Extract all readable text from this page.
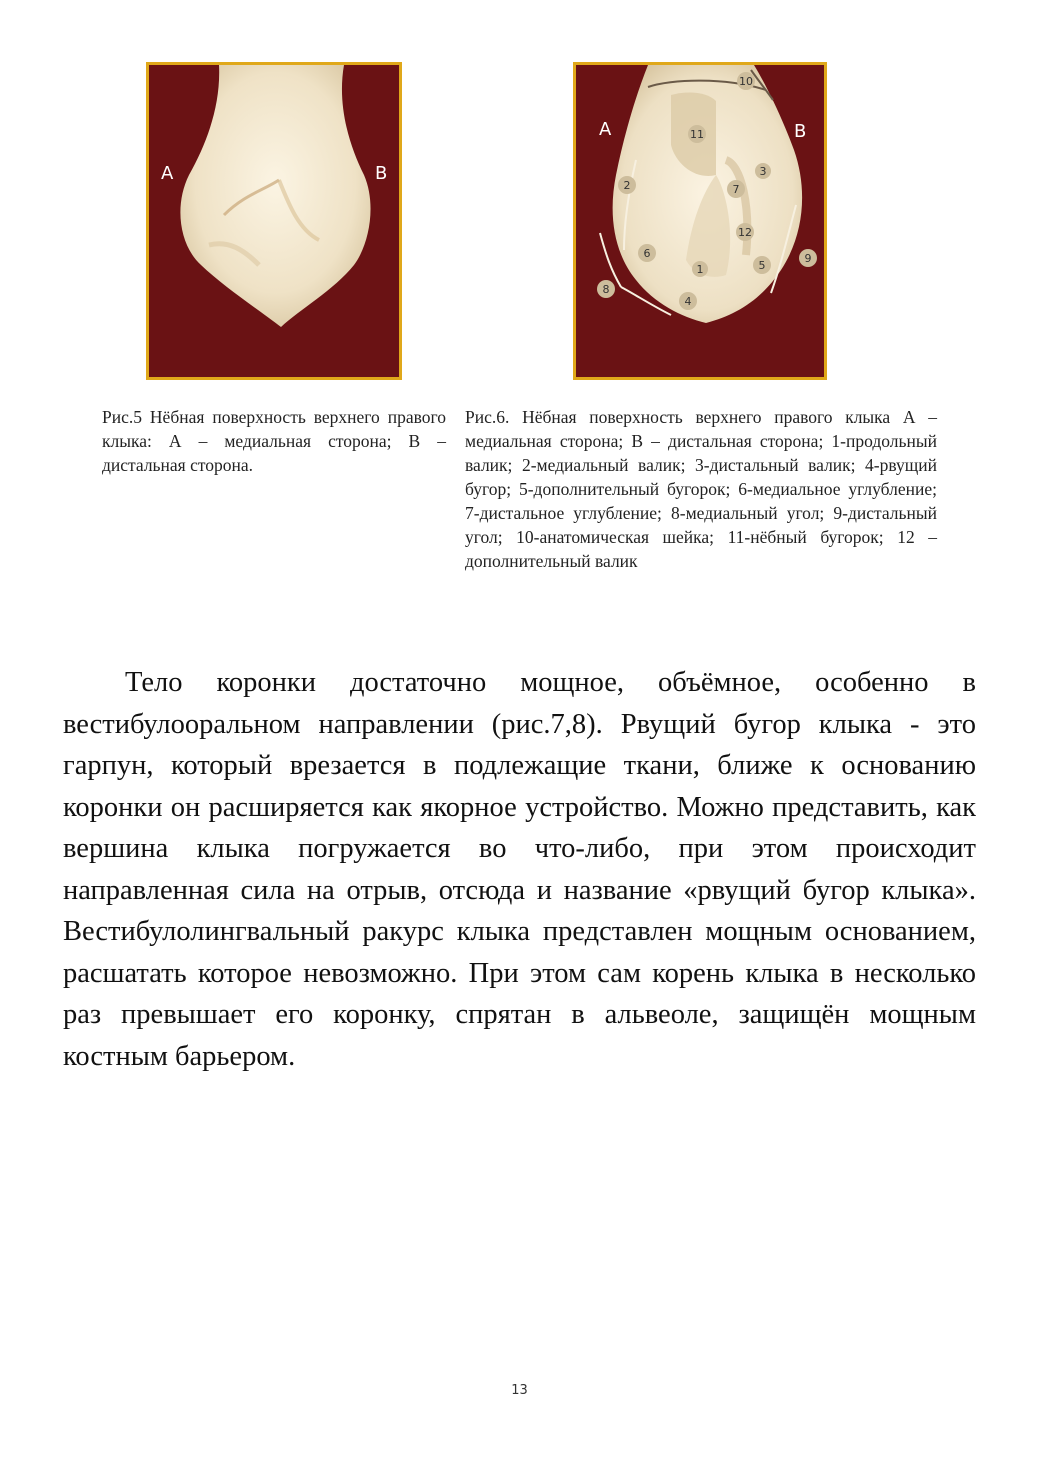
A	B
1
2
3
4
5
6
7
8
9
10
11
12
A	B
Рис.5 Нёбная поверхность верхнего правого клыка: А – медиальная сторона; В – дистальная сторона.
Рис.6. Нёбная поверхность верхнего правого клыка А – медиальная сторона; В – дистальная сторона; 1-продольный валик; 2-медиальный валик; 3-дистальный валик; 4-рвущий бугор; 5-дополнительный бугорок; 6-медиальное углубление; 7-дистальное углубление; 8-медиальный угол; 9-дистальный угол; 10-анатомическая шейка; 11-нёбный бугорок; 12 – дополнительный валик

Тело коронки достаточно мощное, объёмное, особенно в вестибулооральном направлении (рис.7,8). Рвущий бугор клыка - это гарпун, который врезается в подлежащие ткани, ближе к основанию коронки он расширяется как якорное устройство. Можно представить, как вершина клыка погружается во что-либо, при этом происходит направленная сила на отрыв, отсюда и название «рвущий бугор клыка». Вестибулолингвальный ракурс клыка представлен мощным основанием, расшатать которое невозможно. При этом сам корень клыка в несколько раз превышает его коронку, спрятан в альвеоле, защищён мощным костным барьером.

13
